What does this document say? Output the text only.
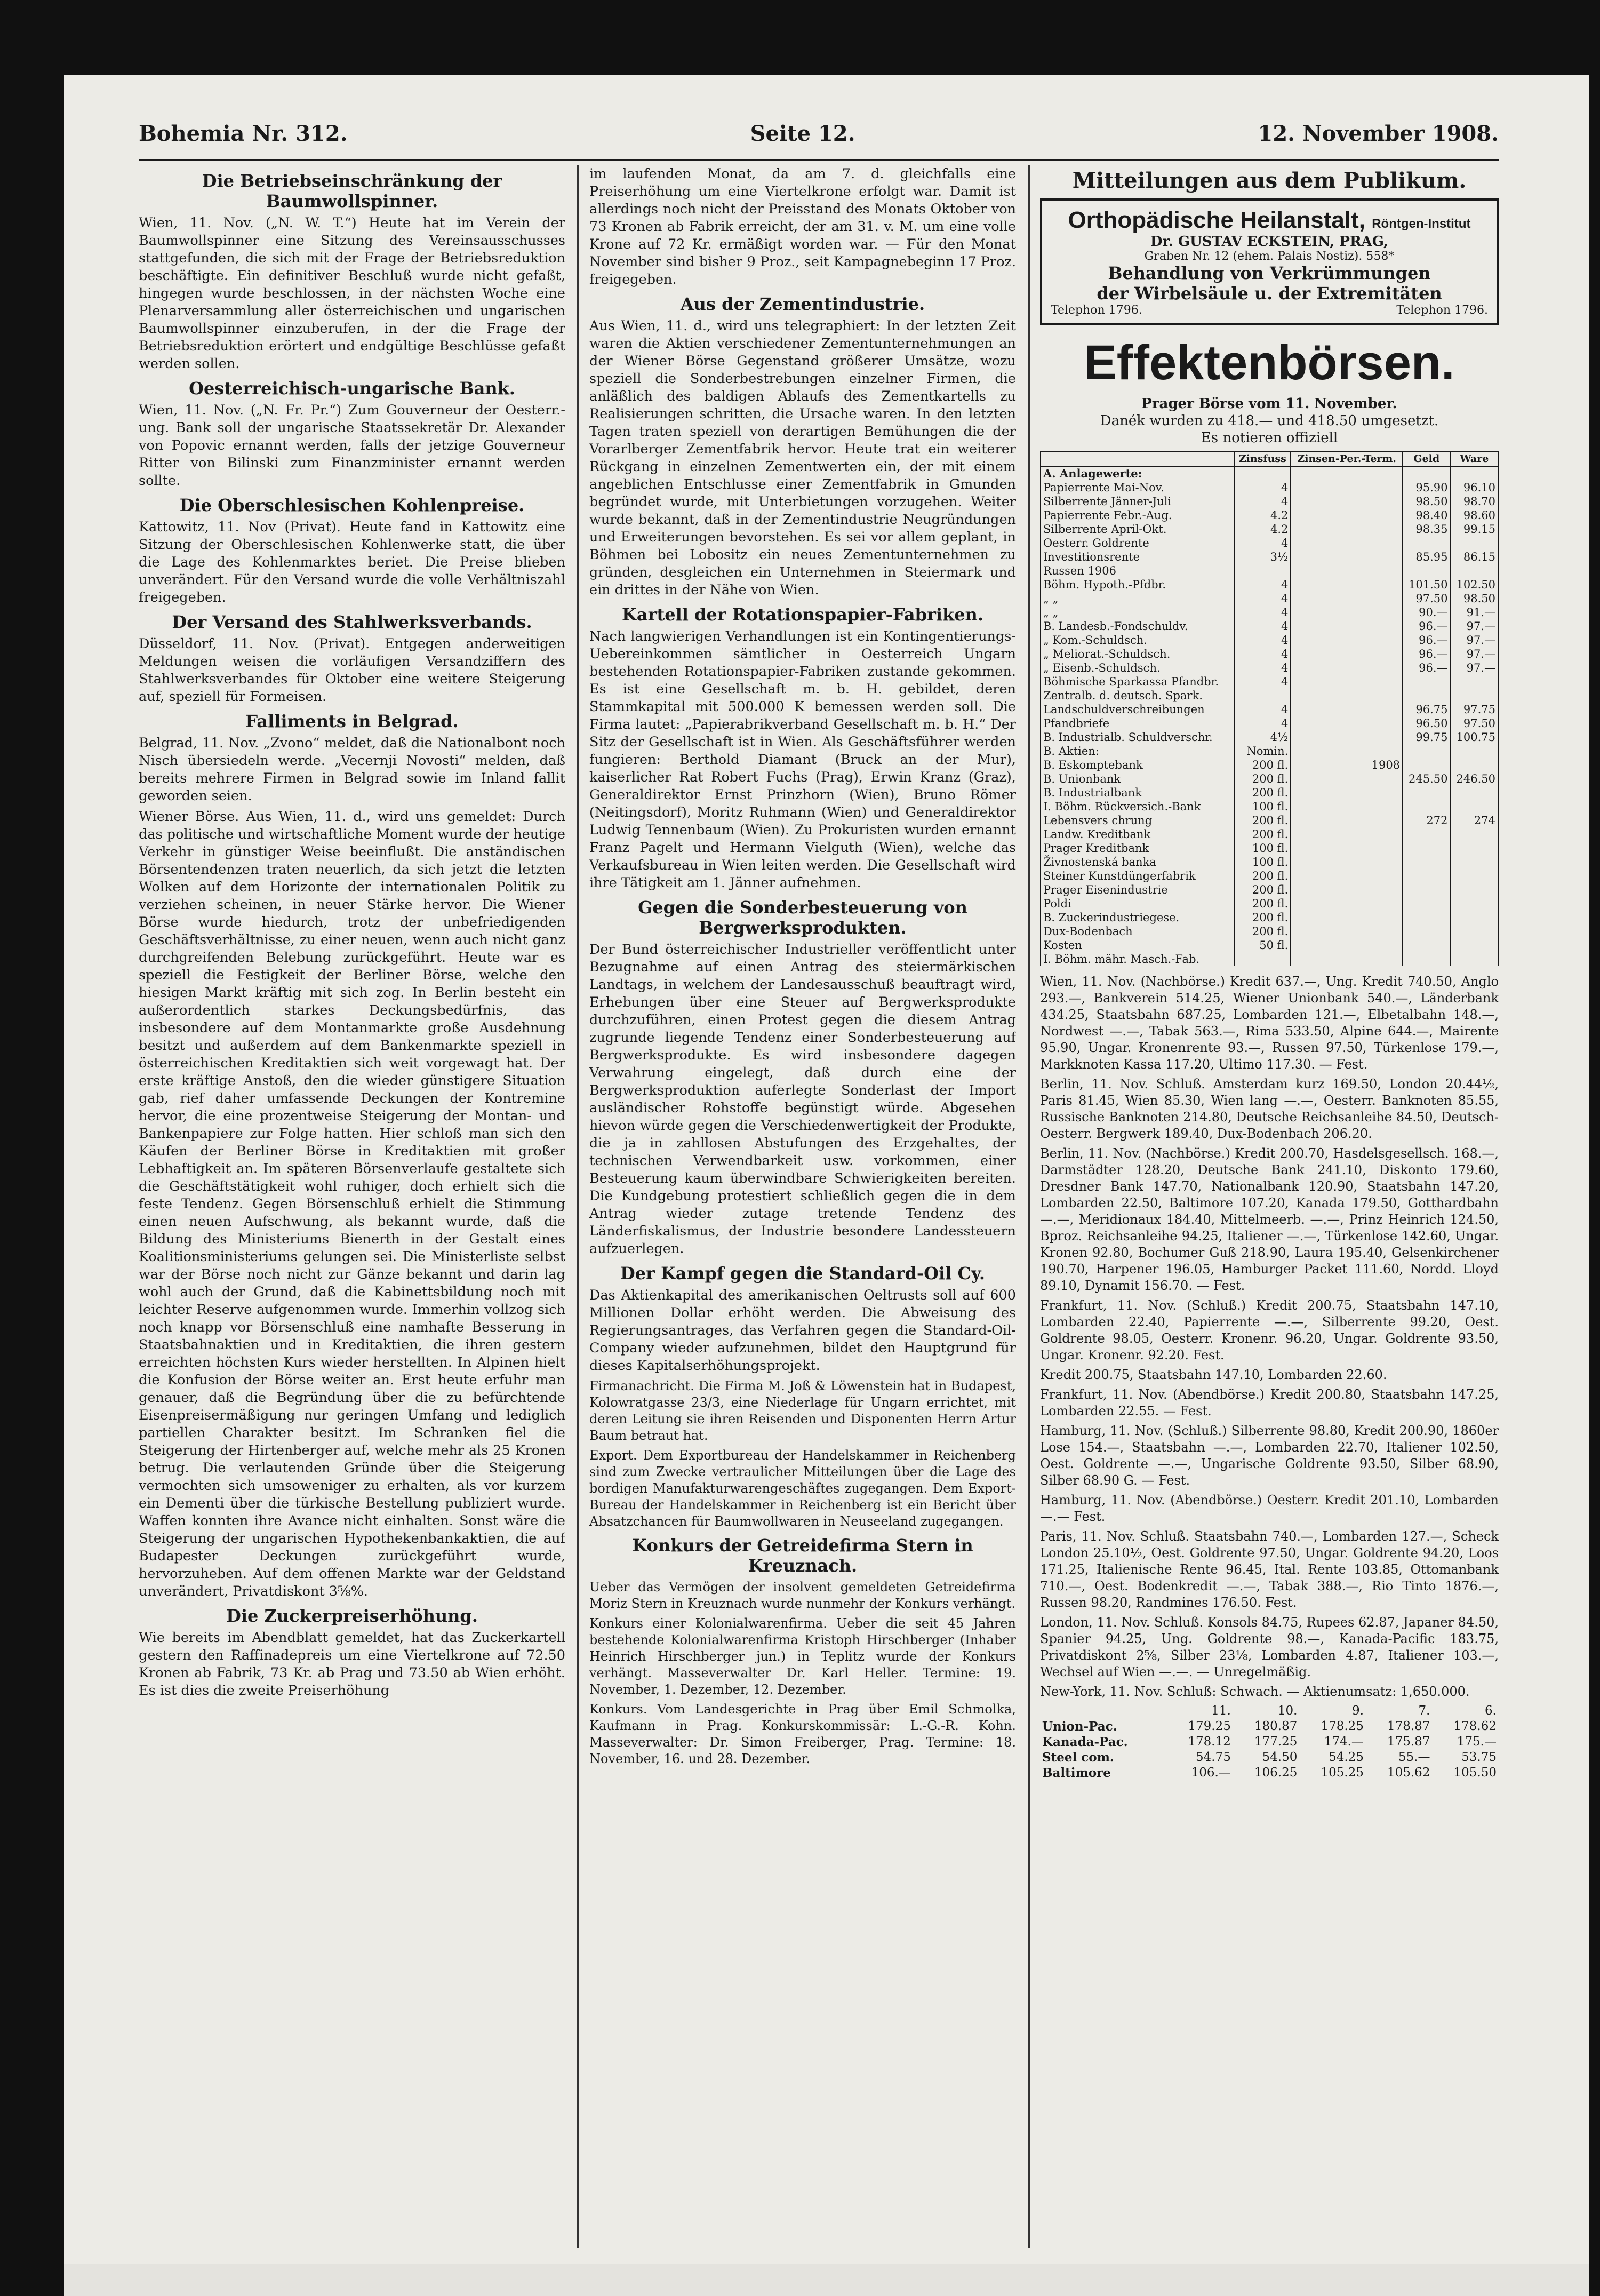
Bohemia Nr. 312.	Seite 12.	12. November 1908.
Die Betriebseinschränkung der Baumwollspinner.

Wien, 11. Nov. („N. W. T.“) Heute hat im Verein der Baumwollspinner eine Sitzung des Vereinsausschusses stattgefunden, die sich mit der Frage der Betriebsreduktion beschäftigte. Ein definitiver Beschluß wurde nicht gefaßt, hingegen wurde beschlossen, in der nächsten Woche eine Plenarversammlung aller österreichischen und ungarischen Baumwollspinner einzuberufen, in der die Frage der Betriebsreduktion erörtert und endgültige Beschlüsse gefaßt werden sollen.

Oesterreichisch-ungarische Bank.

Wien, 11. Nov. („N. Fr. Pr.“) Zum Gouverneur der Oesterr.-ung. Bank soll der ungarische Staatssekretär Dr. Alexander von Popovic ernannt werden, falls der jetzige Gouverneur Ritter von Bilinski zum Finanzminister ernannt werden sollte.

Die Oberschlesischen Kohlenpreise.

Kattowitz, 11. Nov (Privat). Heute fand in Kattowitz eine Sitzung der Oberschlesischen Kohlenwerke statt, die über die Lage des Kohlenmarktes beriet. Die Preise blieben unverändert. Für den Versand wurde die volle Verhältniszahl freigegeben.

Der Versand des Stahlwerksverbands.

Düsseldorf, 11. Nov. (Privat). Entgegen anderweitigen Meldungen weisen die vorläufigen Versandziffern des Stahlwerksverbandes für Oktober eine weitere Steigerung auf, speziell für Formeisen.

Falliments in Belgrad.

Belgrad, 11. Nov. „Zvono“ meldet, daß die Nationalbont noch Nisch übersiedeln werde. „Vecernji Novosti“ melden, daß bereits mehrere Firmen in Belgrad sowie im Inland fallit geworden seien.

Wiener Börse. Aus Wien, 11. d., wird uns gemeldet: Durch das politische und wirtschaftliche Moment wurde der heutige Verkehr in günstiger Weise beeinflußt. Die anständischen Börsentendenzen traten neuerlich, da sich jetzt die letzten Wolken auf dem Horizonte der internationalen Politik zu verziehen scheinen, in neuer Stärke hervor. Die Wiener Börse wurde hiedurch, trotz der unbefriedigenden Geschäftsverhältnisse, zu einer neuen, wenn auch nicht ganz durchgreifenden Belebung zurückgeführt. Heute war es speziell die Festigkeit der Berliner Börse, welche den hiesigen Markt kräftig mit sich zog. In Berlin besteht ein außerordentlich starkes Deckungsbedürfnis, das insbesondere auf dem Montanmarkte große Ausdehnung besitzt und außerdem auf dem Bankenmarkte speziell in österreichischen Kreditaktien sich weit vorgewagt hat. Der erste kräftige Anstoß, den die wieder günstigere Situation gab, rief daher umfassende Deckungen der Kontremine hervor, die eine prozentweise Steigerung der Montan- und Bankenpapiere zur Folge hatten. Hier schloß man sich den Käufen der Berliner Börse in Kreditaktien mit großer Lebhaftigkeit an. Im späteren Börsenverlaufe gestaltete sich die Geschäftstätigkeit wohl ruhiger, doch erhielt sich die feste Tendenz. Gegen Börsenschluß erhielt die Stimmung einen neuen Aufschwung, als bekannt wurde, daß die Bildung des Ministeriums Bienerth in der Gestalt eines Koalitionsministeriums gelungen sei. Die Ministerliste selbst war der Börse noch nicht zur Gänze bekannt und darin lag wohl auch der Grund, daß die Kabinettsbildung noch mit leichter Reserve aufgenommen wurde. Immerhin vollzog sich noch knapp vor Börsenschluß eine namhafte Besserung in Staatsbahnaktien und in Kreditaktien, die ihren gestern erreichten höchsten Kurs wieder herstellten. In Alpinen hielt die Konfusion der Börse weiter an. Erst heute erfuhr man genauer, daß die Begründung über die zu befürchtende Eisenpreisermäßigung nur geringen Umfang und lediglich partiellen Charakter besitzt. Im Schranken fiel die Steigerung der Hirtenberger auf, welche mehr als 25 Kronen betrug. Die verlautenden Gründe über die Steigerung vermochten sich umsoweniger zu erhalten, als vor kurzem ein Dementi über die türkische Bestellung publiziert wurde. Waffen konnten ihre Avance nicht einhalten. Sonst wäre die Steigerung der ungarischen Hypothekenbankaktien, die auf Budapester Deckungen zurückgeführt wurde, hervorzuheben. Auf dem offenen Markte war der Geldstand unverändert, Privatdiskont 3⅝%.

Die Zuckerpreiserhöhung.

Wie bereits im Abendblatt gemeldet, hat das Zuckerkartell gestern den Raffinadepreis um eine Viertelkrone auf 72.50 Kronen ab Fabrik, 73 Kr. ab Prag und 73.50 ab Wien erhöht. Es ist dies die zweite Preiserhöhung

im laufenden Monat, da am 7. d. gleichfalls eine Preiserhöhung um eine Viertelkrone erfolgt war. Damit ist allerdings noch nicht der Preisstand des Monats Oktober von 73 Kronen ab Fabrik erreicht, der am 31. v. M. um eine volle Krone auf 72 Kr. ermäßigt worden war. — Für den Monat November sind bisher 9 Proz., seit Kampagnebeginn 17 Proz. freigegeben.

Aus der Zementindustrie.

Aus Wien, 11. d., wird uns telegraphiert: In der letzten Zeit waren die Aktien verschiedener Zementunternehmungen an der Wiener Börse Gegenstand größerer Umsätze, wozu speziell die Sonderbestrebungen einzelner Firmen, die anläßlich des baldigen Ablaufs des Zementkartells zu Realisierungen schritten, die Ursache waren. In den letzten Tagen traten speziell von derartigen Bemühungen die der Vorarlberger Zementfabrik hervor. Heute trat ein weiterer Rückgang in einzelnen Zementwerten ein, der mit einem angeblichen Entschlusse einer Zementfabrik in Gmunden begründet wurde, mit Unterbietungen vorzugehen. Weiter wurde bekannt, daß in der Zementindustrie Neugründungen und Erweiterungen bevorstehen. Es sei vor allem geplant, in Böhmen bei Lobositz ein neues Zementunternehmen zu gründen, desgleichen ein Unternehmen in Steiermark und ein drittes in der Nähe von Wien.

Kartell der Rotationspapier-Fabriken.

Nach langwierigen Verhandlungen ist ein Kontingentierungs-Uebereinkommen sämtlicher in Oesterreich Ungarn bestehenden Rotationspapier-Fabriken zustande gekommen. Es ist eine Gesellschaft m. b. H. gebildet, deren Stammkapital mit 500.000 K bemessen werden soll. Die Firma lautet: „Papierabrikverband Gesellschaft m. b. H.“ Der Sitz der Gesellschaft ist in Wien. Als Geschäftsführer werden fungieren: Berthold Diamant (Bruck an der Mur), kaiserlicher Rat Robert Fuchs (Prag), Erwin Kranz (Graz), Generaldirektor Ernst Prinzhorn (Wien), Bruno Römer (Neitingsdorf), Moritz Ruhmann (Wien) und Generaldirektor Ludwig Tennenbaum (Wien). Zu Prokuristen wurden ernannt Franz Pagelt und Hermann Vielguth (Wien), welche das Verkaufsbureau in Wien leiten werden. Die Gesellschaft wird ihre Tätigkeit am 1. Jänner aufnehmen.

Gegen die Sonderbesteuerung von Bergwerksprodukten.

Der Bund österreichischer Industrieller veröffentlicht unter Bezugnahme auf einen Antrag des steiermärkischen Landtags, in welchem der Landesausschuß beauftragt wird, Erhebungen über eine Steuer auf Bergwerksprodukte durchzuführen, einen Protest gegen die diesem Antrag zugrunde liegende Tendenz einer Sonderbesteuerung auf Bergwerksprodukte. Es wird insbesondere dagegen Verwahrung eingelegt, daß durch eine der Bergwerksproduktion auferlegte Sonderlast der Import ausländischer Rohstoffe begünstigt würde. Abgesehen hievon würde gegen die Verschiedenwertigkeit der Produkte, die ja in zahllosen Abstufungen des Erzgehaltes, der technischen Verwendbarkeit usw. vorkommen, einer Besteuerung kaum überwindbare Schwierigkeiten bereiten. Die Kundgebung protestiert schließlich gegen die in dem Antrag wieder zutage tretende Tendenz des Länderfiskalismus, der Industrie besondere Landessteuern aufzuerlegen.

Der Kampf gegen die Standard-Oil Cy.

Das Aktienkapital des amerikanischen Oeltrusts soll auf 600 Millionen Dollar erhöht werden. Die Abweisung des Regierungsantrages, das Verfahren gegen die Standard-Oil-Company wieder aufzunehmen, bildet den Hauptgrund für dieses Kapitalserhöhungsprojekt.

Firmanachricht. Die Firma M. Joß & Löwenstein hat in Budapest, Kolowratgasse 23/3, eine Niederlage für Ungarn errichtet, mit deren Leitung sie ihren Reisenden und Disponenten Herrn Artur Baum betraut hat.

Export. Dem Exportbureau der Handelskammer in Reichenberg sind zum Zwecke vertraulicher Mitteilungen über die Lage des bordigen Manufakturwarengeschäftes zugegangen. Dem Export-Bureau der Handelskammer in Reichenberg ist ein Bericht über Absatzchancen für Baumwollwaren in Neuseeland zugegangen.

Konkurs der Getreidefirma Stern in Kreuznach.

Ueber das Vermögen der insolvent gemeldeten Getreidefirma Moriz Stern in Kreuznach wurde nunmehr der Konkurs verhängt.

Konkurs einer Kolonialwarenfirma. Ueber die seit 45 Jahren bestehende Kolonialwarenfirma Kristoph Hirschberger (Inhaber Heinrich Hirschberger jun.) in Teplitz wurde der Konkurs verhängt. Masseverwalter Dr. Karl Heller. Termine: 19. November, 1. Dezember, 12. Dezember.

Konkurs. Vom Landesgerichte in Prag über Emil Schmolka, Kaufmann in Prag. Konkurskommissär: L.-G.-R. Kohn. Masseverwalter: Dr. Simon Freiberger, Prag. Termine: 18. November, 16. und 28. Dezember.

Mitteilungen aus dem Publikum.
Orthopädische Heilanstalt, Röntgen-Institut
Dr. GUSTAV ECKSTEIN, PRAG,
Graben Nr. 12 (ehem. Palais Nostiz). 558*
Behandlung von Verkrümmungen
der Wirbelsäule u. der Extremitäten
Telephon 1796.	Telephon 1796.
Effektenbörsen.
Prager Börse vom 11. November.
Danék wurden zu 418.— und 418.50 umgesetzt.
Es notieren offiziell
	Zinsfuss	Zinsen-Per.-Term.	Geld	Ware
A. Anlagewerte:				
Papierrente Mai-Nov.	4		95.90	96.10
Silberrente Jänner-Juli	4		98.50	98.70
Papierrente Febr.-Aug.	4.2		98.40	98.60
Silberrente April-Okt.	4.2		98.35	99.15
Oesterr. Goldrente	4			
Investitionsrente	3½		85.95	86.15
Russen 1906				
Böhm. Hypoth.-Pfdbr.	4		101.50	102.50
„ „	4		97.50	98.50
„ „	4		90.—	91.—
B. Landesb.-Fondschuldv.	4		96.—	97.—
„ Kom.-Schuldsch.	4		96.—	97.—
„ Meliorat.-Schuldsch.	4		96.—	97.—
„ Eisenb.-Schuldsch.	4		96.—	97.—
Böhmische Sparkassa Pfandbr.	4			
Zentralb. d. deutsch. Spark.				
Landschuldverschreibungen	4		96.75	97.75
Pfandbriefe	4		96.50	97.50
B. Industrialb. Schuldverschr.	4½		99.75	100.75
B. Aktien:	Nomin.			
B. Eskomptebank	200 fl.	1908		
B. Unionbank	200 fl.		245.50	246.50
B. Industrialbank	200 fl.			
I. Böhm. Rückversich.-Bank	100 fl.			
Lebensvers chrung	200 fl.		272	274
Landw. Kreditbank	200 fl.			
Prager Kreditbank	100 fl.			
Živnostenská banka	100 fl.			
Steiner Kunstdüngerfabrik	200 fl.			
Prager Eisenindustrie	200 fl.			
Poldi	200 fl.			
B. Zuckerindustriegese.	200 fl.			
Dux-Bodenbach	200 fl.			
Kosten	50 fl.			
I. Böhm. mähr. Masch.-Fab.				

Wien, 11. Nov. (Nachbörse.) Kredit 637.—, Ung. Kredit 740.50, Anglo 293.—, Bankverein 514.25, Wiener Unionbank 540.—, Länderbank 434.25, Staatsbahn 687.25, Lombarden 121.—, Elbetalbahn 148.—, Nordwest —.—, Tabak 563.—, Rima 533.50, Alpine 644.—, Mairente 95.90, Ungar. Kronenrente 93.—, Russen 97.50, Türkenlose 179.—, Markknoten Kassa 117.20, Ultimo 117.30. — Fest.

Berlin, 11. Nov. Schluß. Amsterdam kurz 169.50, London 20.44½, Paris 81.45, Wien 85.30, Wien lang —.—, Oesterr. Banknoten 85.55, Russische Banknoten 214.80, Deutsche Reichsanleihe 84.50, Deutsch-Oesterr. Bergwerk 189.40, Dux-Bodenbach 206.20.

Berlin, 11. Nov. (Nachbörse.) Kredit 200.70, Hasdelsgesellsch. 168.—, Darmstädter 128.20, Deutsche Bank 241.10, Diskonto 179.60, Dresdner Bank 147.70, Nationalbank 120.90, Staatsbahn 147.20, Lombarden 22.50, Baltimore 107.20, Kanada 179.50, Gotthardbahn —.—, Meridionaux 184.40, Mittelmeerb. —.—, Prinz Heinrich 124.50, Bproz. Reichsanleihe 94.25, Italiener —.—, Türkenlose 142.60, Ungar. Kronen 92.80, Bochumer Guß 218.90, Laura 195.40, Gelsenkirchener 190.70, Harpener 196.05, Hamburger Packet 111.60, Nordd. Lloyd 89.10, Dynamit 156.70. — Fest.

Frankfurt, 11. Nov. (Schluß.) Kredit 200.75, Staatsbahn 147.10, Lombarden 22.40, Papierrente —.—, Silberrente 99.20, Oest. Goldrente 98.05, Oesterr. Kronenr. 96.20, Ungar. Goldrente 93.50, Ungar. Kronenr. 92.20. Fest.

Kredit 200.75, Staatsbahn 147.10, Lombarden 22.60.

Frankfurt, 11. Nov. (Abendbörse.) Kredit 200.80, Staatsbahn 147.25, Lombarden 22.55. — Fest.

Hamburg, 11. Nov. (Schluß.) Silberrente 98.80, Kredit 200.90, 1860er Lose 154.—, Staatsbahn —.—, Lombarden 22.70, Italiener 102.50, Oest. Goldrente —.—, Ungarische Goldrente 93.50, Silber 68.90, Silber 68.90 G. — Fest.

Hamburg, 11. Nov. (Abendbörse.) Oesterr. Kredit 201.10, Lombarden —.— Fest.

Paris, 11. Nov. Schluß. Staatsbahn 740.—, Lombarden 127.—, Scheck London 25.10½, Oest. Goldrente 97.50, Ungar. Goldrente 94.20, Loos 171.25, Italienische Rente 96.45, Ital. Rente 103.85, Ottomanbank 710.—, Oest. Bodenkredit —.—, Tabak 388.—, Rio Tinto 1876.—, Russen 98.20, Randmines 176.50. Fest.

London, 11. Nov. Schluß. Konsols 84.75, Rupees 62.87, Japaner 84.50, Spanier 94.25, Ung. Goldrente 98.—, Kanada-Pacific 183.75, Privatdiskont 2⅝, Silber 23⅛, Lombarden 4.87, Italiener 103.—, Wechsel auf Wien —.—. — Unregelmäßig.

New-York, 11. Nov. Schluß: Schwach. — Aktienumsatz: 1,650.000.

	11.	10.	9.	7.	6.
Union-Pac.	179.25	180.87	178.25	178.87	178.62
Kanada-Pac.	178.12	177.25	174.—	175.87	175.—
Steel com.	54.75	54.50	54.25	55.—	53.75
Baltimore	106.—	106.25	105.25	105.62	105.50
